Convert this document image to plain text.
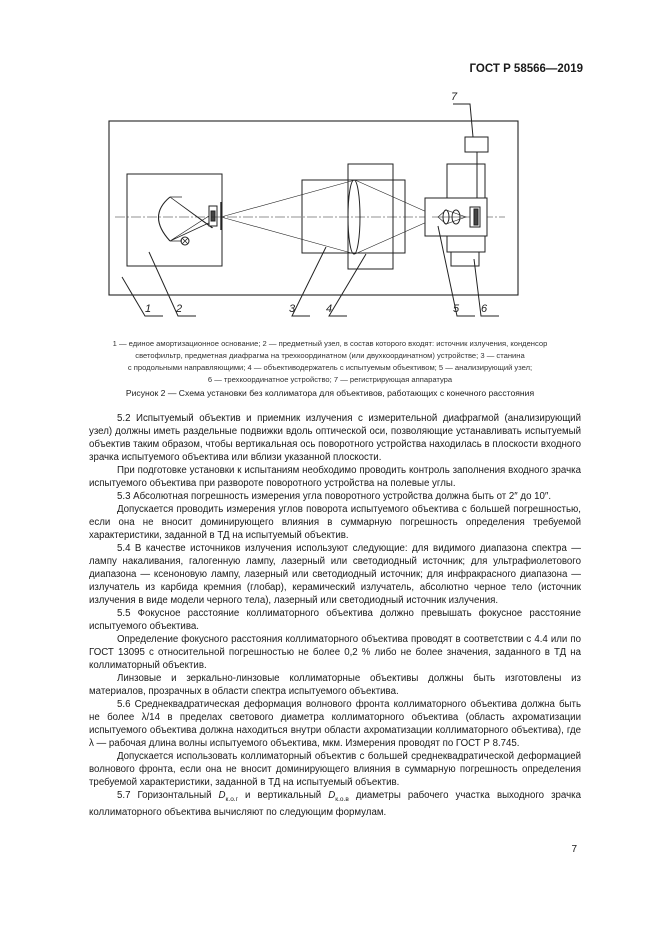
ГОСТ Р 58566—2019
1 2	3	4	5 6
7
1 — единое амортизационное основание; 2 — предметный узел, в состав которого входят: источник излучения, конденсор
светофильтр, предметная диафрагма на трехкоординатном (или двухкоординатном) устройстве; 3 — станина
с продольными направляющими; 4 — объективодержатель с испытуемым объективом; 5 — анализирующий узел;
6 — трехкоординатное устройство; 7 — регистрирующая аппаратура
Рисунок 2 — Схема установки без коллиматора для объективов, работающих с конечного расстояния

5.2 Испытуемый объектив и приемник излучения с измерительной диафрагмой (анализирующий узел) должны иметь раздельные подвижки вдоль оптической оси, позволяющие устанавливать испытуемый объектив таким образом, чтобы вертикальная ось поворотного устройства находилась в плоскости входного зрачка испытуемого объектива или вблизи указанной плоскости.

При подготовке установки к испытаниям необходимо проводить контроль заполнения входного зрачка испытуемого объектива при развороте поворотного устройства на полевые углы.

5.3 Абсолютная погрешность измерения угла поворотного устройства должна быть от 2″ до 10″.

Допускается проводить измерения углов поворота испытуемого объектива с большей погрешностью, если она не вносит доминирующего влияния в суммарную погрешность определения требуемой характеристики, заданной в ТД на испытуемый объектив.

5.4 В качестве источников излучения используют следующие: для видимого диапазона спектра — лампу накаливания, галогенную лампу, лазерный или светодиодный источник; для ультрафиолетового диапазона — ксеноновую лампу, лазерный или светодиодный источник; для инфракрасного диапазона — излучатель из карбида кремния (глобар), керамический излучатель, абсолютно черное тело (источник излучения в виде модели черного тела), лазерный или светодиодный источник излучения.

5.5 Фокусное расстояние коллиматорного объектива должно превышать фокусное расстояние испытуемого объектива.

Определение фокусного расстояния коллиматорного объектива проводят в соответствии с 4.4 или по ГОСТ 13095 с относительной погрешностью не более 0,2 % либо не более значения, заданного в ТД на коллиматорный объектив.

Линзовые и зеркально-линзовые коллиматорные объективы должны быть изготовлены из материалов, прозрачных в области спектра испытуемого объектива.

5.6 Среднеквадратическая деформация волнового фронта коллиматорного объектива должна быть не более λ/14 в пределах светового диаметра коллиматорного объектива (область ахроматизации испытуемого объектива должна находиться внутри области ахроматизации коллиматорного объектива), где λ — рабочая длина волны испытуемого объектива, мкм. Измерения проводят по ГОСТ Р 8.745.

Допускается использовать коллиматорный объектив с большей среднеквадратической деформацией волнового фронта, если она не вносит доминирующего влияния в суммарную погрешность определения требуемой характеристики, заданной в ТД на испытуемый объектив.

5.7 Горизонтальный $D_{к.о.г}$ и вертикальный $D_{к.о.в}$ диаметры рабочего участка выходного зрачка коллиматорного объектива вычисляют по следующим формулам.

7
